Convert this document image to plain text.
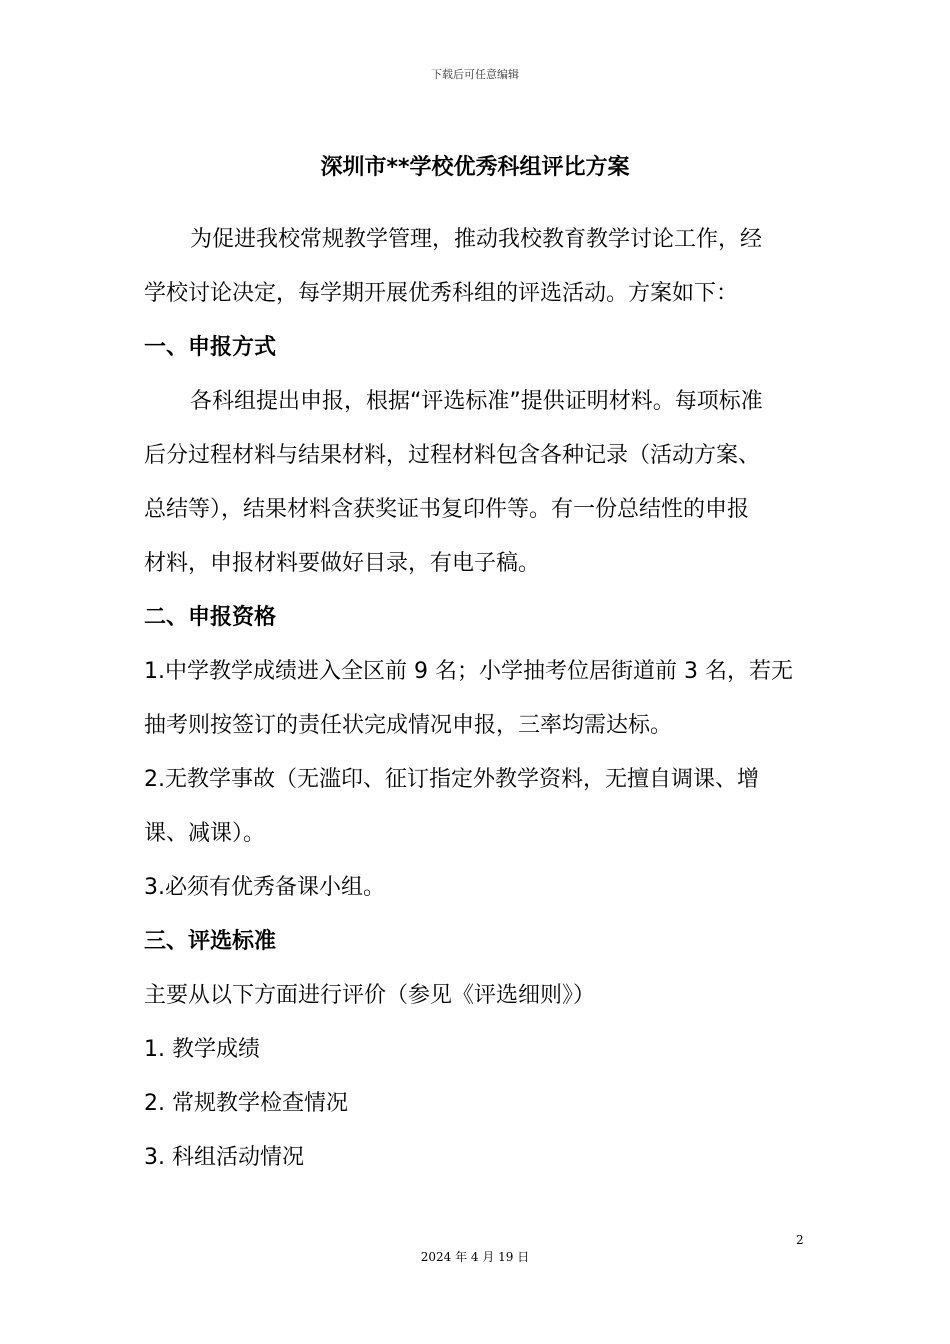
下载后可任意编辑
深圳市**学校优秀科组评比方案
为促进我校常规教学管理，推动我校教育教学讨论工作，经
学校讨论决定，每学期开展优秀科组的评选活动。方案如下：
一、申报方式
各科组提出申报，根据“评选标准”提供证明材料。每项标准
后分过程材料与结果材料，过程材料包含各种记录（活动方案、
总结等），结果材料含获奖证书复印件等。有一份总结性的申报
材料，申报材料要做好目录，有电子稿。
二、申报资格
1.中学教学成绩进入全区前 9 名；小学抽考位居街道前 3 名，若无
抽考则按签订的责任状完成情况申报，三率均需达标。
2.无教学事故（无滥印、征订指定外教学资料，无擅自调课、增
课、减课）。
3.必须有优秀备课小组。
三、评选标准
主要从以下方面进行评价（参见《评选细则》）
1. 教学成绩
2. 常规教学检查情况
3. 科组活动情况
2
2024 年 4 月 19 日
